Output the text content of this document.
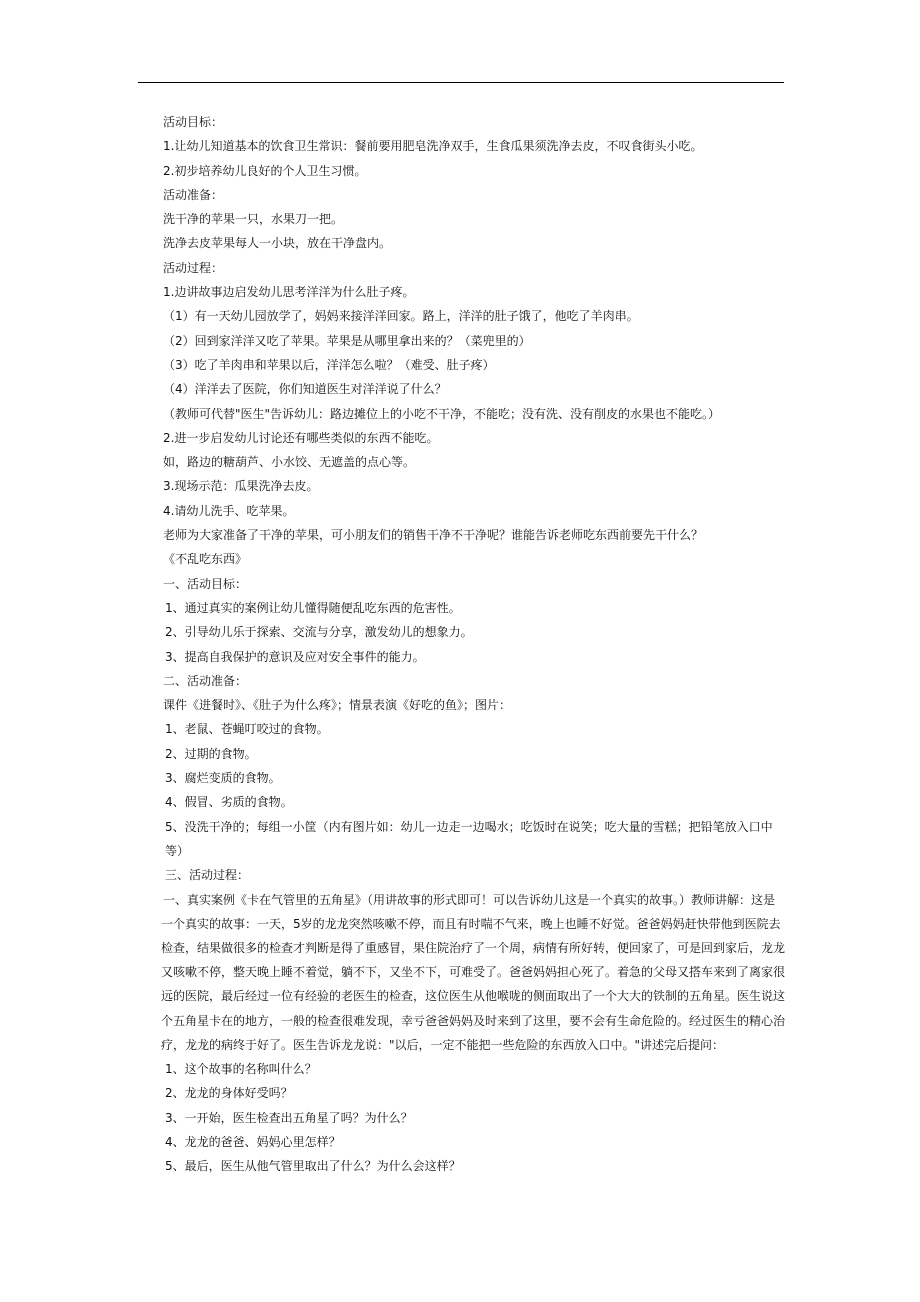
活动目标：
1.让幼儿知道基本的饮食卫生常识：餐前要用肥皂洗净双手，生食瓜果须洗净去皮，不叹食街头小吃。
2.初步培养幼儿良好的个人卫生习惯。
活动准备：
洗干净的苹果一只，水果刀一把。
洗净去皮苹果每人一小块，放在干净盘内。
活动过程：
1.边讲故事边启发幼儿思考洋洋为什么肚子疼。
（1）有一天幼儿园放学了，妈妈来接洋洋回家。路上，洋洋的肚子饿了，他吃了羊肉串。
（2）回到家洋洋又吃了苹果。苹果是从哪里拿出来的？（菜兜里的）
（3）吃了羊肉串和苹果以后，洋洋怎么啦？（难受、肚子疼）
（4）洋洋去了医院，你们知道医生对洋洋说了什么？
（教师可代替"医生"告诉幼儿：路边摊位上的小吃不干净，不能吃；没有洗、没有削皮的水果也不能吃。）
2.进一步启发幼儿讨论还有哪些类似的东西不能吃。
如，路边的糖葫芦、小水饺、无遮盖的点心等。
3.现场示范：瓜果洗净去皮。
4.请幼儿洗手、吃苹果。
老师为大家准备了干净的苹果，可小朋友们的销售干净不干净呢？谁能告诉老师吃东西前要先干什么？
《不乱吃东西》
一、活动目标：
1、通过真实的案例让幼儿懂得随便乱吃东西的危害性。
2、引导幼儿乐于探索、交流与分享，激发幼儿的想象力。
3、提高自我保护的意识及应对安全事件的能力。
二、活动准备：
课件《进餐时》、《肚子为什么疼》；情景表演《好吃的鱼》；图片：
1、老鼠、苍蝇叮咬过的食物。
2、过期的食物。
3、腐烂变质的食物。
4、假冒、劣质的食物。
5、没洗干净的；每组一小筐（内有图片如：幼儿一边走一边喝水；吃饭时在说笑；吃大量的雪糕；把铅笔放入口中等）
三、活动过程：
一、真实案例《卡在气管里的五角星》（用讲故事的形式即可！可以告诉幼儿这是一个真实的故事。）教师讲解：这是一个真实的故事：一天，5岁的龙龙突然咳嗽不停，而且有时喘不气来，晚上也睡不好觉。爸爸妈妈赶快带他到医院去检查，结果做很多的检查才判断是得了重感冒，果住院治疗了一个周，病情有所好转，便回家了，可是回到家后，龙龙又咳嗽不停，整天晚上睡不着觉，躺不下，又坐不下，可难受了。爸爸妈妈担心死了。着急的父母又搭车来到了离家很远的医院，最后经过一位有经验的老医生的检查，这位医生从他喉咙的侧面取出了一个大大的铁制的五角星。医生说这个五角星卡在的地方，一般的检查很难发现，幸亏爸爸妈妈及时来到了这里，要不会有生命危险的。经过医生的精心治疗，龙龙的病终于好了。医生告诉龙龙说："以后，一定不能把一些危险的东西放入口中。"讲述完后提问：
1、这个故事的名称叫什么？
2、龙龙的身体好受吗？
3、一开始，医生检查出五角星了吗？为什么？
4、龙龙的爸爸、妈妈心里怎样？
5、最后，医生从他气管里取出了什么？为什么会这样？
